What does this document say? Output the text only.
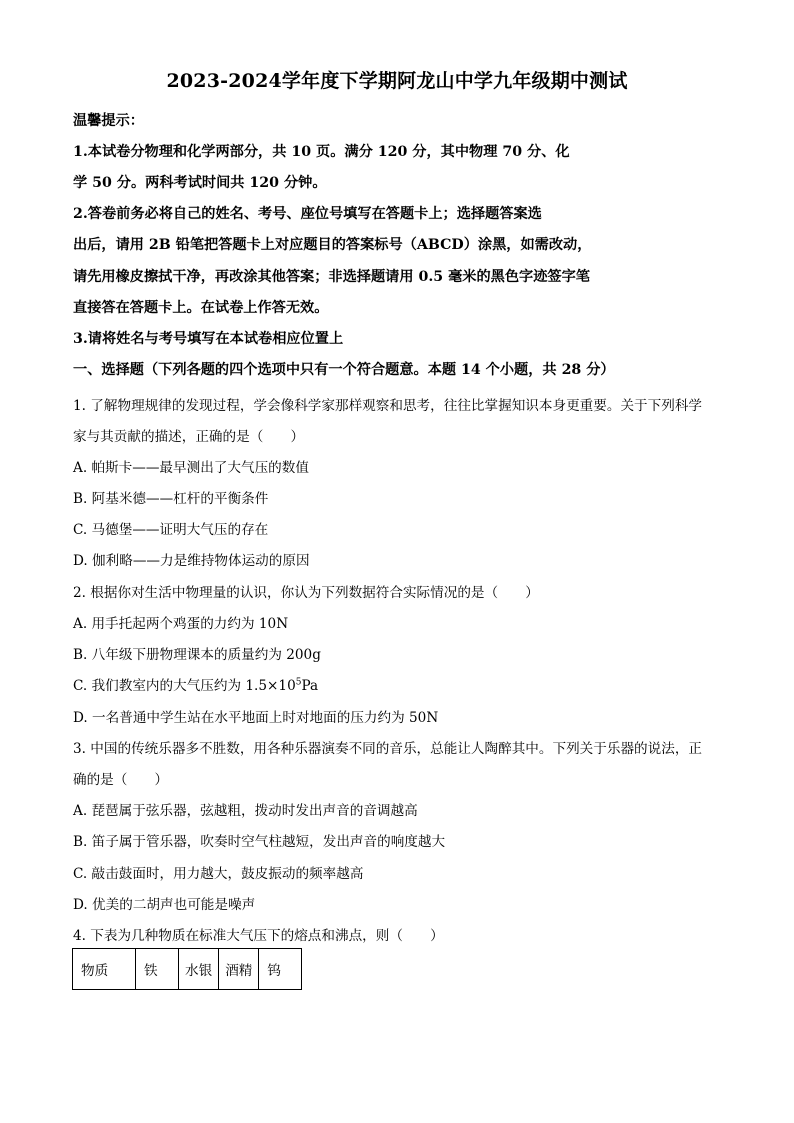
2023-2024学年度下学期阿龙山中学九年级期中测试
温馨提示：
1.本试卷分物理和化学两部分，共 10 页。满分 120 分，其中物理 70 分、化
学 50 分。两科考试时间共 120 分钟。
2.答卷前务必将自己的姓名、考号、座位号填写在答题卡上；选择题答案选
出后，请用 2B 铅笔把答题卡上对应题目的答案标号（ABCD）涂黑，如需改动，
请先用橡皮擦拭干净，再改涂其他答案；非选择题请用 0.5 毫米的黑色字迹签字笔
直接答在答题卡上。在试卷上作答无效。
3.请将姓名与考号填写在本试卷相应位置上
一、选择题（下列各题的四个选项中只有一个符合题意。本题 14 个小题，共 28 分）
1. 了解物理规律的发现过程，学会像科学家那样观察和思考，往往比掌握知识本身更重要。关于下列科学
家与其贡献的描述，正确的是（　　）
A. 帕斯卡——最早测出了大气压的数值
B. 阿基米德——杠杆的平衡条件
C. 马德堡——证明大气压的存在
D. 伽利略——力是维持物体运动的原因
2. 根据你对生活中物理量的认识，你认为下列数据符合实际情况的是（　　）
A. 用手托起两个鸡蛋的力约为 10N
B. 八年级下册物理课本的质量约为 200g
C. 我们教室内的大气压约为 $1.5\times 10^5Pa$
D. 一名普通中学生站在水平地面上时对地面的压力约为 50N
3. 中国的传统乐器多不胜数，用各种乐器演奏不同的音乐，总能让人陶醉其中。下列关于乐器的说法，正
确的是（　　）
A. 琵琶属于弦乐器，弦越粗，拨动时发出声音的音调越高
B. 笛子属于管乐器，吹奏时空气柱越短，发出声音的响度越大
C. 敲击鼓面时，用力越大，鼓皮振动的频率越高
D. 优美的二胡声也可能是噪声
4. 下表为几种物质在标准大气压下的熔点和沸点，则（　　）
物质	铁	水银	酒精	钨
